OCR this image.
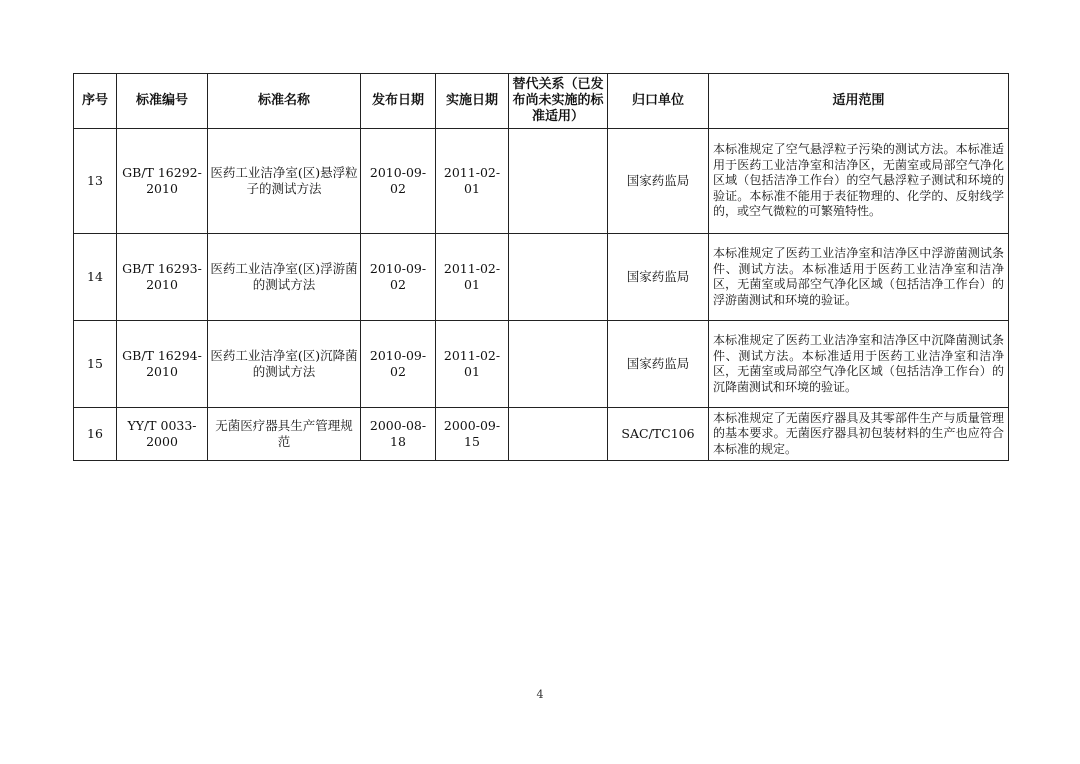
序号	标准编号	标准名称	发布日期	实施日期	替代关系（已发布尚未实施的标准适用）	归口单位	适用范围
13	GB/T 16292-2010	医药工业洁净室(区)悬浮粒子的测试方法	2010-09-02	2011-02-01		国家药监局	本标准规定了空气悬浮粒子污染的测试方法。本标准适用于医药工业洁净室和洁净区，无菌室或局部空气净化区域（包括洁净工作台）的空气悬浮粒子测试和环境的验证。本标准不能用于表征物理的、化学的、反射线学的，或空气微粒的可繁殖特性。
14	GB/T 16293-2010	医药工业洁净室(区)浮游菌的测试方法	2010-09-02	2011-02-01		国家药监局	本标准规定了医药工业洁净室和洁净区中浮游菌测试条件、测试方法。本标准适用于医药工业洁净室和洁净区，无菌室或局部空气净化区域（包括洁净工作台）的浮游菌测试和环境的验证。
15	GB/T 16294-2010	医药工业洁净室(区)沉降菌的测试方法	2010-09-02	2011-02-01		国家药监局	本标准规定了医药工业洁净室和洁净区中沉降菌测试条件、测试方法。本标准适用于医药工业洁净室和洁净区，无菌室或局部空气净化区域（包括洁净工作台）的沉降菌测试和环境的验证。
16	YY/T 0033-2000	无菌医疗器具生产管理规范	2000-08-18	2000-09-15		SAC/TC106	本标准规定了无菌医疗器具及其零部件生产与质量管理的基本要求。无菌医疗器具初包装材料的生产也应符合本标准的规定。
4
